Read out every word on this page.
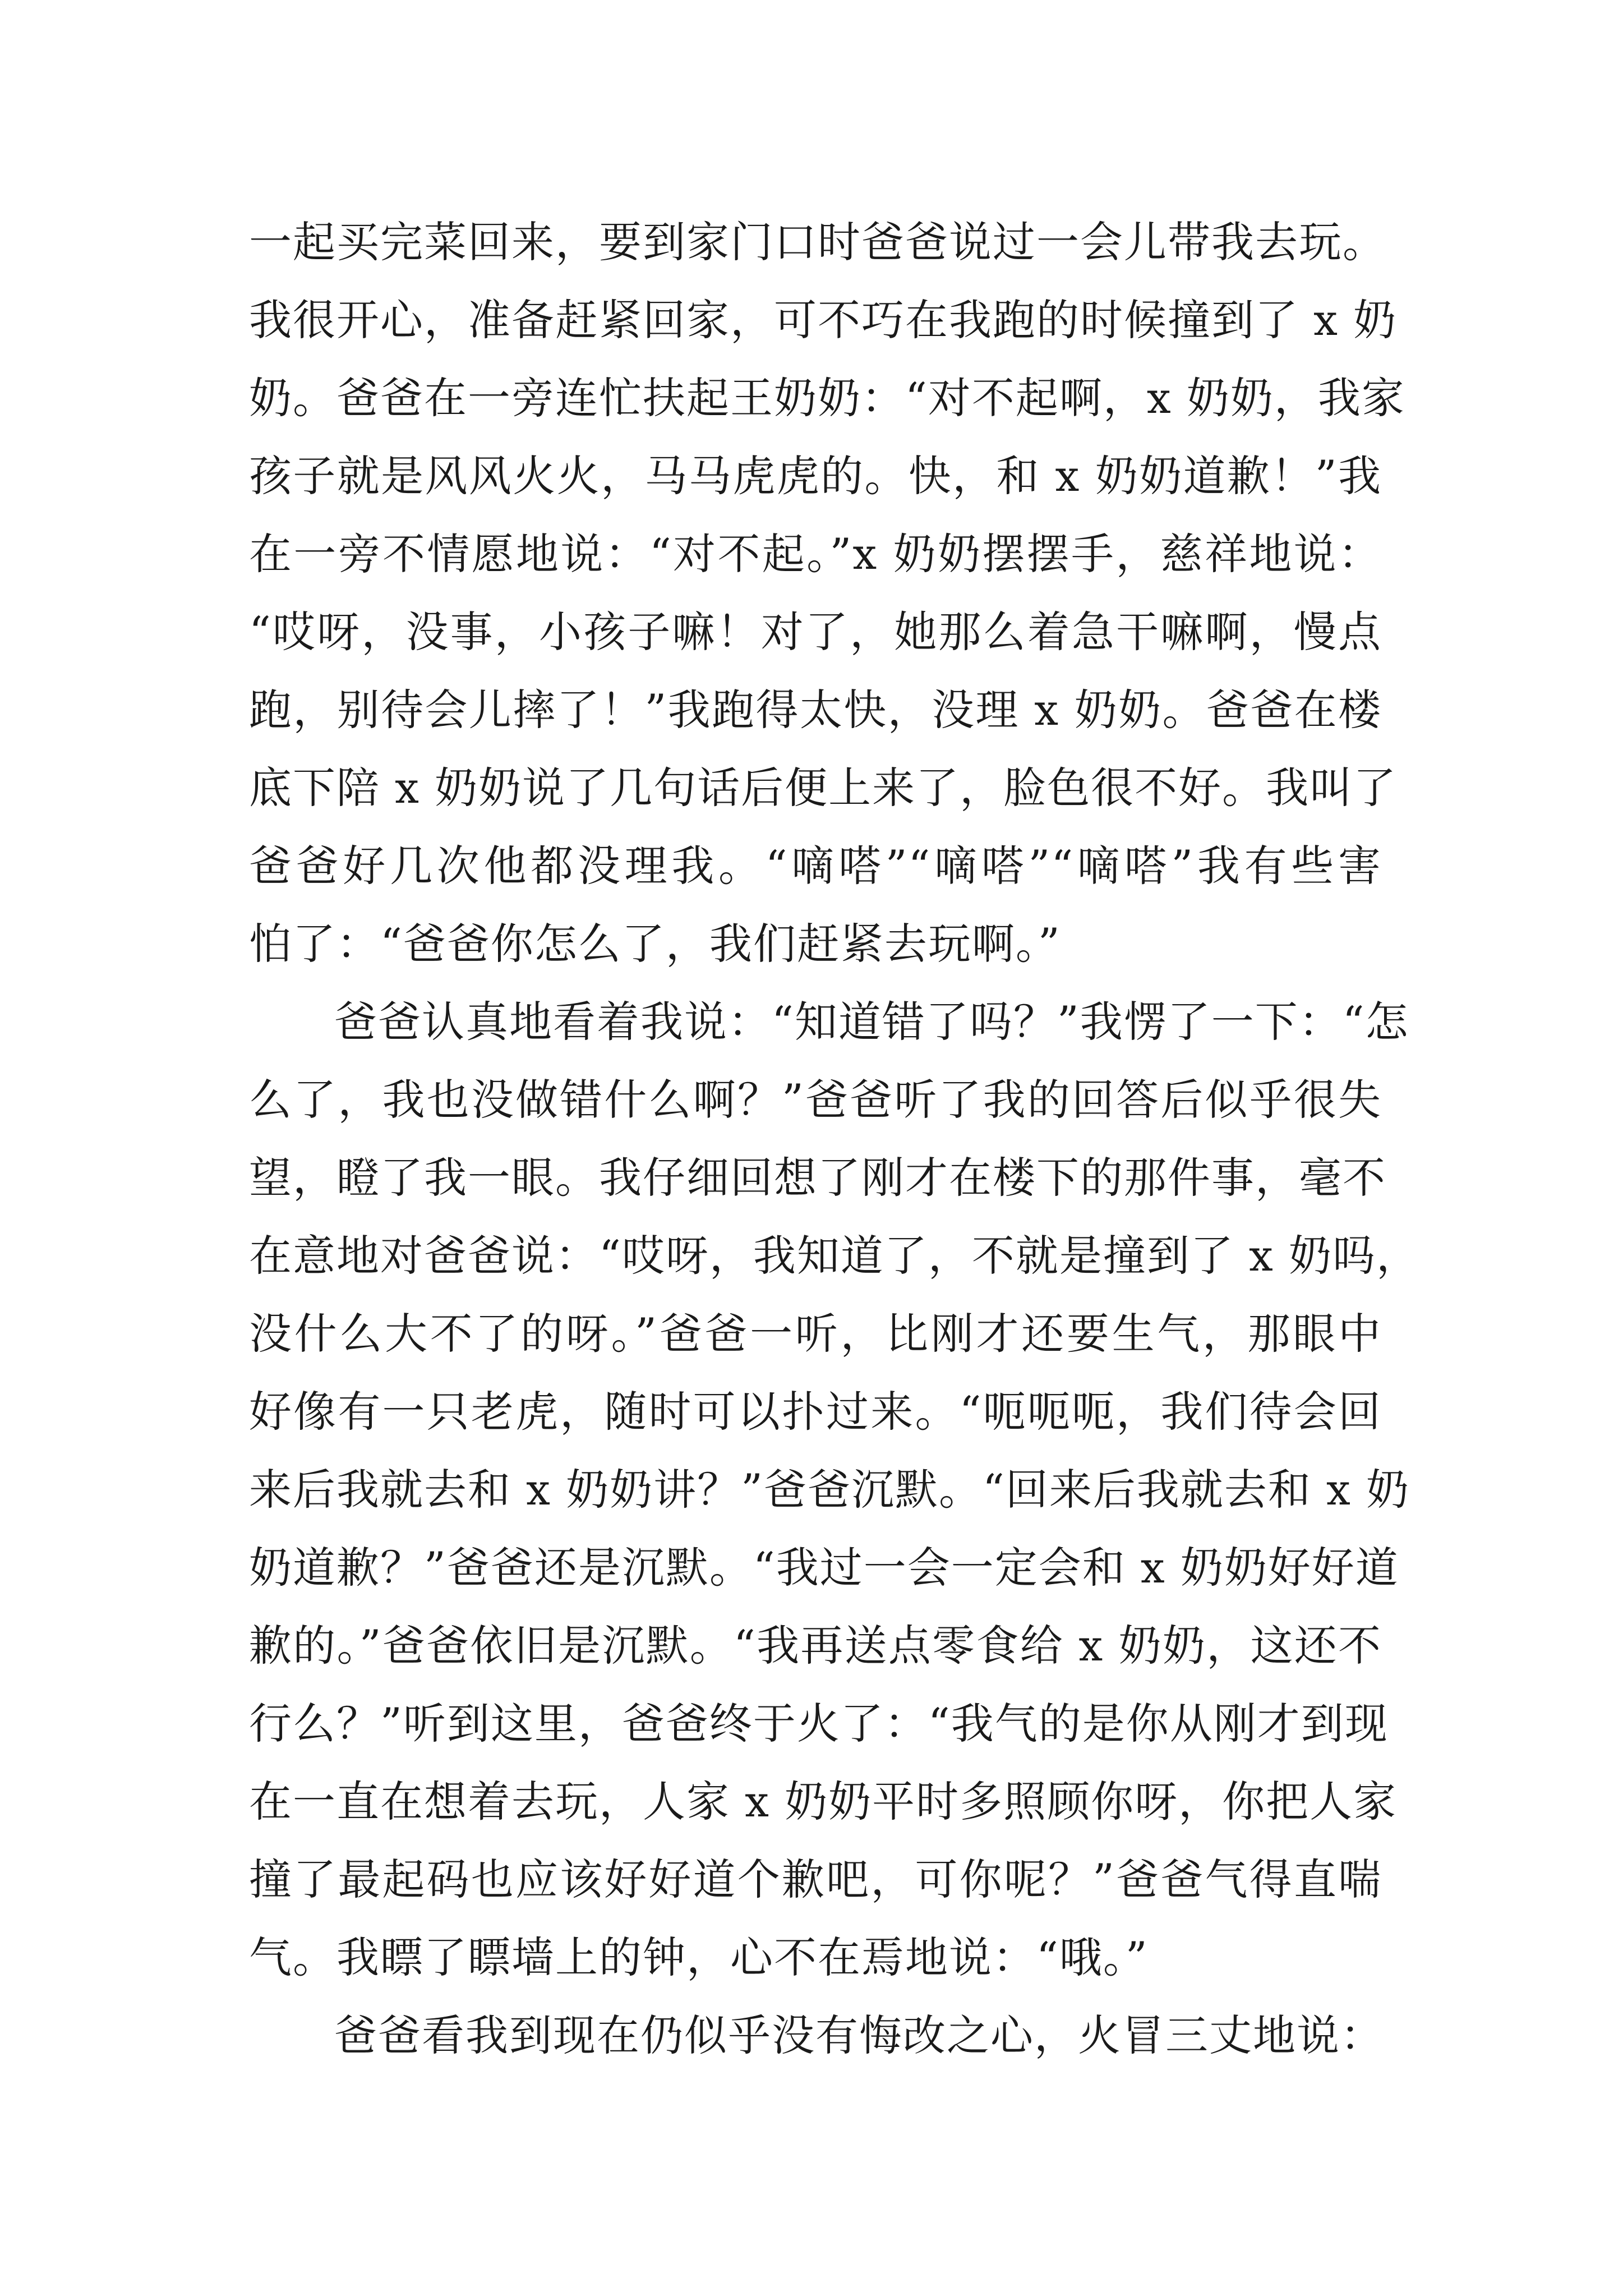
一起买完菜回来，要到家门口时爸爸说过一会儿带我去玩。
我很开心，准备赶紧回家，可不巧在我跑的时候撞到了 x 奶
奶。爸爸在一旁连忙扶起王奶奶：“对不起啊，x 奶奶，我家
孩子就是风风火火，马马虎虎的。快，和 x 奶奶道歉！”我
在一旁不情愿地说：“对不起。”x 奶奶摆摆手，慈祥地说：
“哎呀，没事，小孩子嘛！对了，她那么着急干嘛啊，慢点
跑，别待会儿摔了！”我跑得太快，没理 x 奶奶。爸爸在楼
底下陪 x 奶奶说了几句话后便上来了，脸色很不好。我叫了
爸爸好几次他都没理我。“嘀嗒”“嘀嗒”“嘀嗒”我有些害
怕了：“爸爸你怎么了，我们赶紧去玩啊。”
爸爸认真地看着我说：“知道错了吗？”我愣了一下：“怎
么了，我也没做错什么啊？”爸爸听了我的回答后似乎很失
望，瞪了我一眼。我仔细回想了刚才在楼下的那件事，毫不
在意地对爸爸说：“哎呀，我知道了，不就是撞到了 x 奶吗，
没什么大不了的呀。”爸爸一听，比刚才还要生气，那眼中
好像有一只老虎，随时可以扑过来。“呃呃呃，我们待会回
来后我就去和 x 奶奶讲？”爸爸沉默。“回来后我就去和 x 奶
奶道歉？”爸爸还是沉默。“我过一会一定会和 x 奶奶好好道
歉的。”爸爸依旧是沉默。“我再送点零食给 x 奶奶，这还不
行么？”听到这里，爸爸终于火了：“我气的是你从刚才到现
在一直在想着去玩，人家 x 奶奶平时多照顾你呀，你把人家
撞了最起码也应该好好道个歉吧，可你呢？”爸爸气得直喘
气。我瞟了瞟墙上的钟，心不在焉地说：“哦。”
爸爸看我到现在仍似乎没有悔改之心，火冒三丈地说：
